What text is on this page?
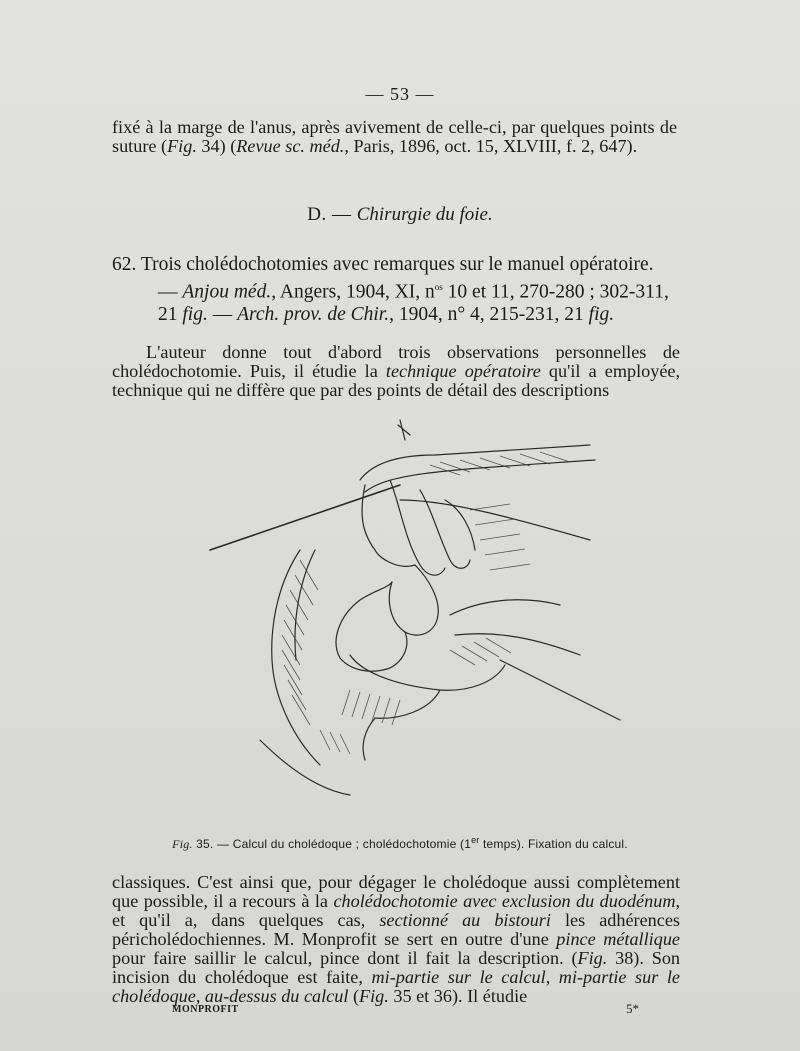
— 53 —

fixé à la marge de l'anus, après avivement de celle-ci, par quelques points de suture (Fig. 34) (Revue sc. méd., Paris, 1896, oct. 15, XLVIII, f. 2, 647).

D. — Chirurgie du foie.
62. Trois cholédochotomies avec remarques sur le manuel opératoire.
— Anjou méd., Angers, 1904, XI, $n^{os}$ 10 et 11, 270-280 ; 302-311,
21 fig. — Arch. prov. de Chir., 1904, n° 4, 215-231, 21 fig.

L'auteur donne tout d'abord trois observations personnelles de cholédochotomie. Puis, il étudie la technique opératoire qu'il a employée, technique qui ne diffère que par des points de détail des descriptions

Fig. 35. — Calcul du cholédoque ; cholédochotomie (1er temps). Fixation du calcul.

classiques. C'est ainsi que, pour dégager le cholédoque aussi complètement que possible, il a recours à la cholédochotomie avec exclusion du duodénum, et qu'il a, dans quelques cas, sectionné au bistouri les adhérences péricholédochiennes. M. Monprofit se sert en outre d'une pince métallique pour faire saillir le calcul, pince dont il fait la description. (Fig. 38). Son incision du cholédoque est faite, mi-partie sur le calcul, mi-partie sur le cholédoque, au-dessus du calcul (Fig. 35 et 36). Il étudie

MONPROFIT	5*
